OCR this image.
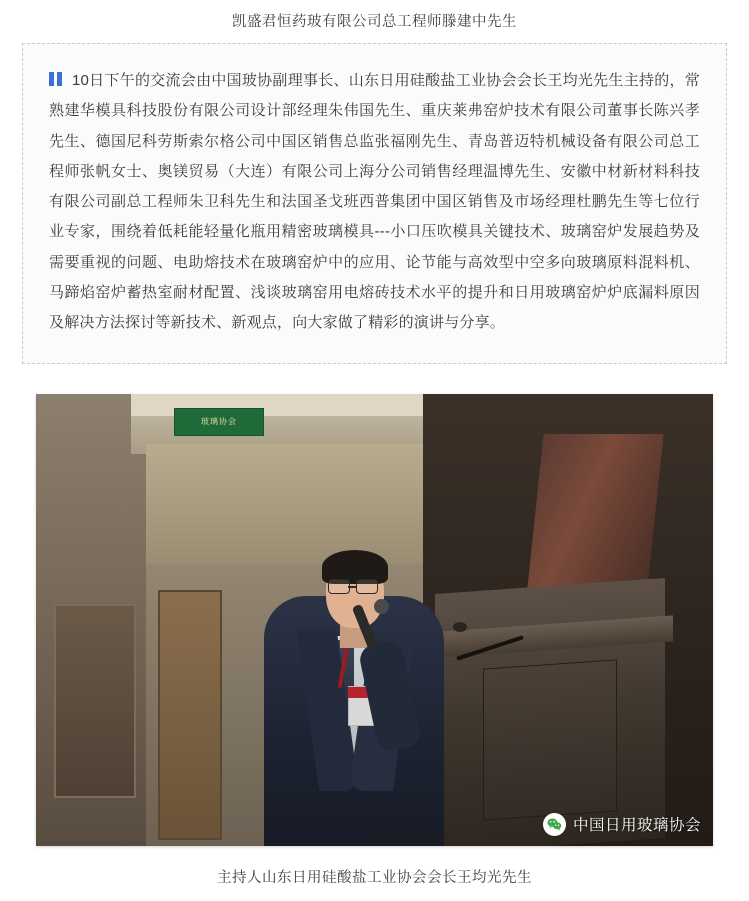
凯盛君恒药玻有限公司总工程师滕建中先生
10日下午的交流会由中国玻协副理事长、山东日用硅酸盐工业协会会长王均光先生主持的，常熟建华模具科技股份有限公司设计部经理朱伟国先生、重庆莱弗窑炉技术有限公司董事长陈兴孝先生、德国尼科劳斯索尔格公司中国区销售总监张福刚先生、青岛普迈特机械设备有限公司总工程师张帆女士、奥镁贸易（大连）有限公司上海分公司销售经理温博先生、安徽中材新材料科技有限公司副总工程师朱卫科先生和法国圣戈班西普集团中国区销售及市场经理杜鹏先生等七位行业专家，围绕着低耗能轻量化瓶用精密玻璃模具---小口压吹模具关键技术、玻璃窑炉发展趋势及需要重视的问题、电助熔技术在玻璃窑炉中的应用、论节能与高效型中空多向玻璃原料混料机、马蹄焰窑炉蓄热室耐材配置、浅谈玻璃窑用电熔砖技术水平的提升和日用玻璃窑炉炉底漏料原因及解决方法探讨等新技术、新观点，向大家做了精彩的演讲与分享。
玻璃协会
中国日用玻璃协会
主持人山东日用硅酸盐工业协会会长王均光先生
